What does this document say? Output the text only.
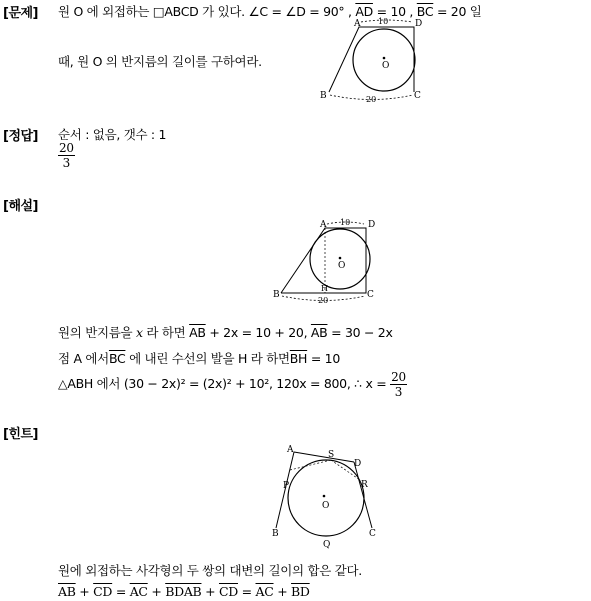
[문제] 원 O 에 외접하는 □ABCD 가 있다. ∠C = ∠D = 90° , $\overline{AD} = 10$ , $\overline{BC} = 20$ 일
때, 원 O 의 반지름의 길이를 구하여라.
A	D
B	C
O
10
20
[정답] 순서 : 없음, 갯수 : 1
$\frac{20}{3}$
[해설]
A	D
B	C
H
O
10
20
원의 반지름을 x 라 하면 $\overline{AB} + 2x = 10 + 20$, $\overline{AB} = 30 - 2x$
점 A 에서$\overline{BC}$ 에 내린 수선의 발을 H 라 하면$\overline{BH} = 10$
△ABH 에서 (30 − 2x)² = (2x)² + 10², 120x = 800, ∴ $x = \frac{20}{3}$
[힌트]
A	S
D
P	R
O
B
Q
C
원에 외접하는 사각형의 두 쌍의 대변의 길이의 합은 같다.
$\overline{AB} + \overline{CD} = \overline{AC}$ + BDAB + $\overline{CD} = \overline{AC} + \overline{BD}$
